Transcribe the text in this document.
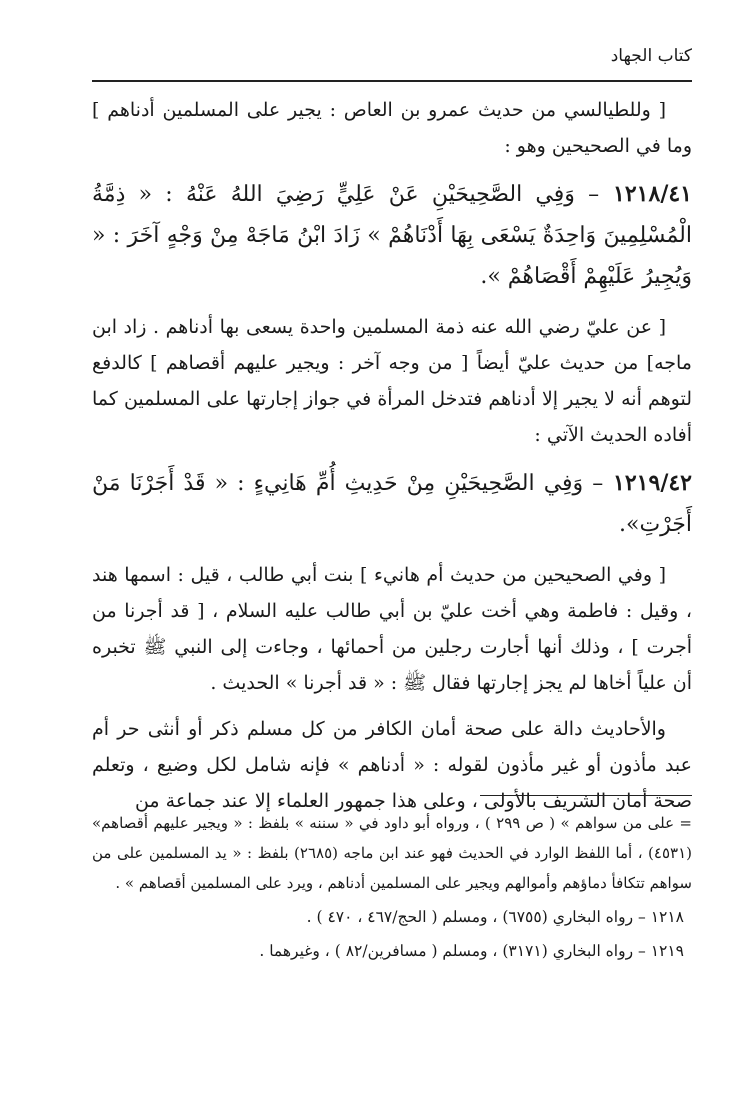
كتاب الجهاد

[ وللطيالسي من حديث عمرو بن العاص : يجير على المسلمين أدناهم ] وما في الصحيحين وهو :

١٢١٨/٤١ – وَفِي الصَّحِيحَيْنِ عَنْ عَلِيٍّ رَضِيَ اللهُ عَنْهُ : « ذِمَّةُ الْمُسْلِمِينَ وَاحِدَةٌ يَسْعَى بِهَا أَدْنَاهُمْ » زَادَ ابْنُ مَاجَهْ مِنْ وَجْهٍ آخَرَ : « وَيُجِيرُ عَلَيْهِمْ أَقْصَاهُمْ ».

[ عن عليّ رضي الله عنه ذمة المسلمين واحدة يسعى بها أدناهم . زاد ابن ماجه] من حديث عليّ أيضاً [ من وجه آخر : ويجير عليهم أقصاهم ] كالدفع لتوهم أنه لا يجير إلا أدناهم فتدخل المرأة في جواز إجارتها على المسلمين كما أفاده الحديث الآتي :

١٢١٩/٤٢ – وَفِي الصَّحِيحَيْنِ مِنْ حَدِيثِ أُمِّ هَانِيءٍ : « قَدْ أَجَرْنَا مَنْ أَجَرْتِ».

[ وفي الصحيحين من حديث أم هانيء ] بنت أبي طالب ، قيل : اسمها هند ، وقيل : فاطمة وهي أخت عليّ بن أبي طالب عليه السلام ، [ قد أجرنا من أجرت ] ، وذلك أنها أجارت رجلين من أحمائها ، وجاءت إلى النبي ﷺ تخبره أن علياً أخاها لم يجز إجارتها فقال ﷺ : « قد أجرنا » الحديث .

والأحاديث دالة على صحة أمان الكافر من كل مسلم ذكر أو أنثى حر أم عبد مأذون أو غير مأذون لقوله : « أدناهم » فإنه شامل لكل وضيع ، وتعلم صحة أمان الشريف بالأولى ، وعلى هذا جمهور العلماء إلا عند جماعة من

= على من سواهم » ( ص ٢٩٩ ) ، ورواه أبو داود في « سننه » بلفظ : « ويجير عليهم أقصاهم» (٤٥٣١) ، أما اللفظ الوارد في الحديث فهو عند ابن ماجه (٢٦٨٥) بلفظ : « يد المسلمين على من سواهم تتكافأ دماؤهم وأموالهم ويجير على المسلمين أدناهم ، ويرد على المسلمين أقصاهم » .

١٢١٨ – رواه البخاري (٦٧٥٥) ، ومسلم ( الحج/٤٦٧ ، ٤٧٠ ) .

١٢١٩ – رواه البخاري (٣١٧١) ، ومسلم ( مسافرين/٨٢ ) ، وغيرهما .
